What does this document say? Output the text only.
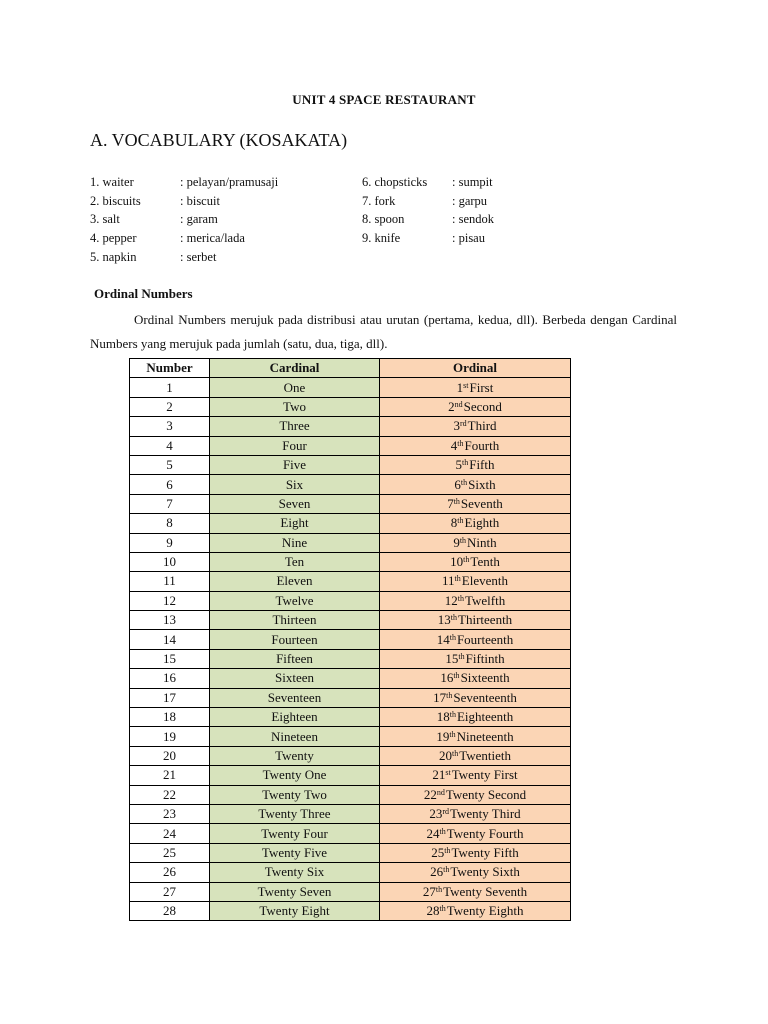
UNIT 4 SPACE RESTAURANT
A. VOCABULARY (KOSAKATA)
1. waiter	: pelayan/pramusaji
2. biscuits	: biscuit
3. salt	: garam
4. pepper	: merica/lada
5. napkin	: serbet
6. chopsticks	: sumpit
7. fork	: garpu
8. spoon	: sendok
9. knife	: pisau
Ordinal Numbers
Ordinal Numbers merujuk pada distribusi atau urutan (pertama, kedua, dll). Berbeda dengan Cardinal Numbers yang merujuk pada jumlah (satu, dua, tiga, dll).
Number	Cardinal	Ordinal
1	One	1stFirst
2	Two	2ndSecond
3	Three	3rdThird
4	Four	4thFourth
5	Five	5thFifth
6	Six	6thSixth
7	Seven	7thSeventh
8	Eight	8thEighth
9	Nine	9thNinth
10	Ten	10thTenth
11	Eleven	11thEleventh
12	Twelve	12thTwelfth
13	Thirteen	13thThirteenth
14	Fourteen	14thFourteenth
15	Fifteen	15thFiftinth
16	Sixteen	16thSixteenth
17	Seventeen	17thSeventeenth
18	Eighteen	18thEighteenth
19	Nineteen	19thNineteenth
20	Twenty	20thTwentieth
21	Twenty One	21stTwenty First
22	Twenty Two	22ndTwenty Second
23	Twenty Three	23rdTwenty Third
24	Twenty Four	24thTwenty Fourth
25	Twenty Five	25thTwenty Fifth
26	Twenty Six	26thTwenty Sixth
27	Twenty Seven	27thTwenty Seventh
28	Twenty Eight	28thTwenty Eighth
